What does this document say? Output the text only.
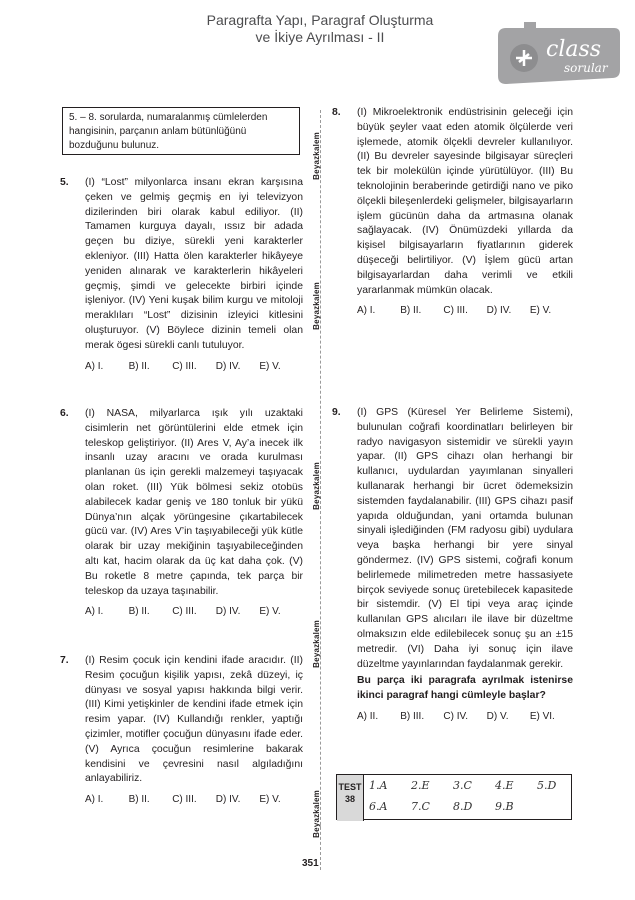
Paragrafta Yapı, Paragraf Oluşturma
ve İkiye Ayrılması - II	class
sorular
5. – 8. sorularda, numaralanmış cümlelerden hangisinin, parçanın anlam bütünlüğünü bozduğunu bulunuz.	Beyazkalem
Beyazkalem
Beyazkalem
Beyazkalem
Beyazkalem
5. (I) “Lost” milyonlarca insanı ekran karşısına çeken ve gelmiş geçmiş en iyi televizyon dizilerinden biri olarak kabul ediliyor. (II) Tamamen kurguya dayalı, ıssız bir adada geçen bu diziye, sürekli yeni karakterler ekleniyor. (III) Hatta ölen karakterler hikâyeye yeniden alınarak ve karakterlerin hikâyeleri geçmiş, şimdi ve gelecekte birbiri içinde işleniyor. (IV) Yeni kuşak bilim kurgu ve mitoloji meraklıları “Lost” dizisinin izleyici kitlesini oluşturuyor. (V) Böylece dizinin temeli olan merak ögesi sürekli canlı tutuluyor.
A) I.	B) II.	C) III.	D) IV.	E) V.
6. (I) NASA, milyarlarca ışık yılı uzaktaki cisimlerin net görüntülerini elde etmek için teleskop geliştiriyor. (II) Ares V, Ay’a inecek ilk insanlı uzay aracını ve orada kurulması planlanan üs için gerekli malzemeyi taşıyacak olan roket. (III) Yük bölmesi sekiz otobüs alabilecek kadar geniş ve 180 tonluk bir yükü Dünya’nın alçak yörüngesine çıkartabilecek gücü var. (IV) Ares V’in taşıyabileceği yük kütle olarak bir uzay mekiğinin taşıyabileceğinden altı kat, hacim olarak da üç kat daha çok. (V) Bu roketle 8 metre çapında, tek parça bir teleskop da uzaya taşınabilir.
A) I.	B) II.	C) III.	D) IV.	E) V.
7. (I) Resim çocuk için kendini ifade aracıdır. (II) Resim çocuğun kişilik yapısı, zekâ düzeyi, iç dünyası ve sosyal yapısı hakkında bilgi verir. (III) Kimi yetişkinler de kendini ifade etmek için resim yapar. (IV) Kullandığı renkler, yaptığı çizimler, motifler çocuğun dünyasını ifade eder. (V) Ayrıca çocuğun resimlerine bakarak kendisini ve çevresini nasıl algıladığını anlayabiliriz.
A) I.	B) II.	C) III.	D) IV.	E) V.
8. (I) Mikroelektronik endüstrisinin geleceği için büyük şeyler vaat eden atomik ölçülerde veri işlemede, atomik ölçekli devreler kullanılıyor. (II) Bu devreler sayesinde bilgisayar süreçleri tek bir molekülün içinde yürütülüyor. (III) Bu teknolojinin beraberinde getirdiği nano ve piko ölçekli bileşenlerdeki gelişmeler, bilgisayarların işlem gücünün daha da artmasına olanak sağlayacak. (IV) Önümüzdeki yıllarda da kişisel bilgisayarların fiyatlarının giderek düşeceği belirtiliyor. (V) İşlem gücü artan bilgisayarlardan daha verimli ve etkili yararlanmak mümkün olacak.
A) I.	B) II.	C) III.	D) IV.	E) V.
9. (I) GPS (Küresel Yer Belirleme Sistemi), bulunulan coğrafi koordinatları belirleyen bir radyo navigasyon sistemidir ve sürekli yayın yapar. (II) GPS cihazı olan herhangi bir kullanıcı, uydulardan yayımlanan sinyalleri kullanarak herhangi bir ücret ödemeksizin sistemden faydalanabilir. (III) GPS cihazı pasif yapıda olduğundan, yani ortamda bulunan sinyali işlediğinden (FM radyosu gibi) uydulara veya başka herhangi bir yere sinyal göndermez. (IV) GPS sistemi, coğrafi konum belirlemede milimetreden metre hassasiyete birçok seviyede sonuç üretebilecek kapasitede bir sistemdir. (V) El tipi veya araç içinde kullanılan GPS alıcıları ile ilave bir düzeltme olmaksızın elde edilebilecek sonuç şu an ±15 metredir. (VI) Daha iyi sonuç için ilave düzeltme yayınlarından faydalanmak gerekir.
Bu parça iki paragrafa ayrılmak istenirse ikinci paragraf hangi cümleyle başlar?
A) II.	B) III.	C) IV.	D) V.	E) VI.
TEST
38
1.A	2.E	3.C	4.E	5.D
6.A	7.C	8.D	9.B
351
